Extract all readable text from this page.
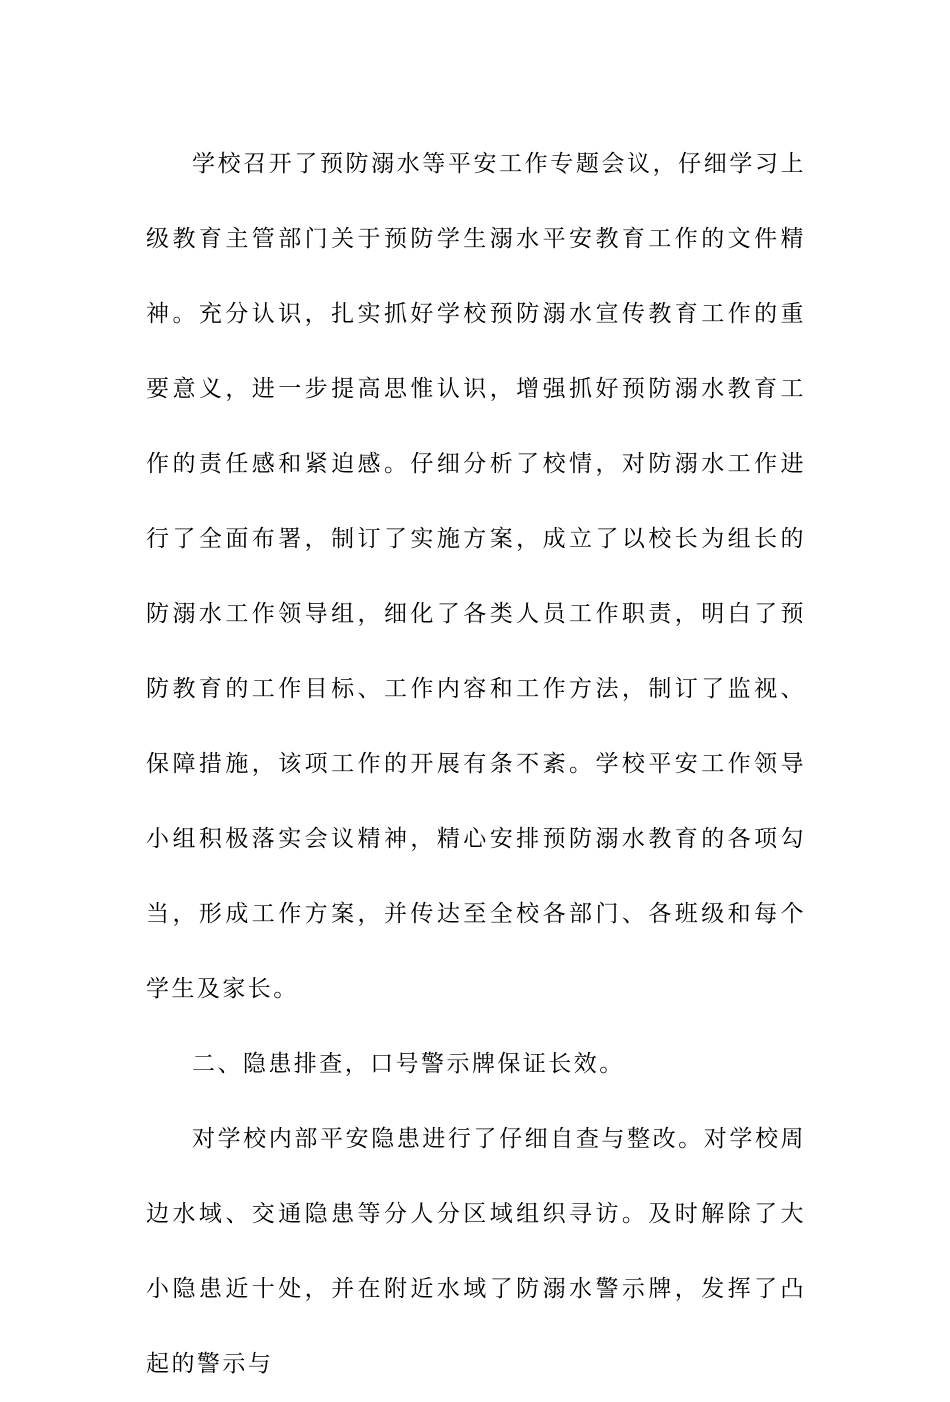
学校召开了预防溺水等平安工作专题会议，仔细学习上级教育主管部门关于预防学生溺水平安教育工作的文件精神。充分认识，扎实抓好学校预防溺水宣传教育工作的重要意义，进一步提高思惟认识，增强抓好预防溺水教育工作的责任感和紧迫感。仔细分析了校情，对防溺水工作进行了全面布署，制订了实施方案，成立了以校长为组长的防溺水工作领导组，细化了各类人员工作职责，明白了预防教育的工作目标、工作内容和工作方法，制订了监视、保障措施，该项工作的开展有条不紊。学校平安工作领导小组积极落实会议精神，精心安排预防溺水教育的各项勾当，形成工作方案，并传达至全校各部门、各班级和每个学生及家长。

二、隐患排查，口号警示牌保证长效。

对学校内部平安隐患进行了仔细自查与整改。对学校周边水域、交通隐患等分人分区域组织寻访。及时解除了大小隐患近十处，并在附近水域了防溺水警示牌，发挥了凸起的警示与
